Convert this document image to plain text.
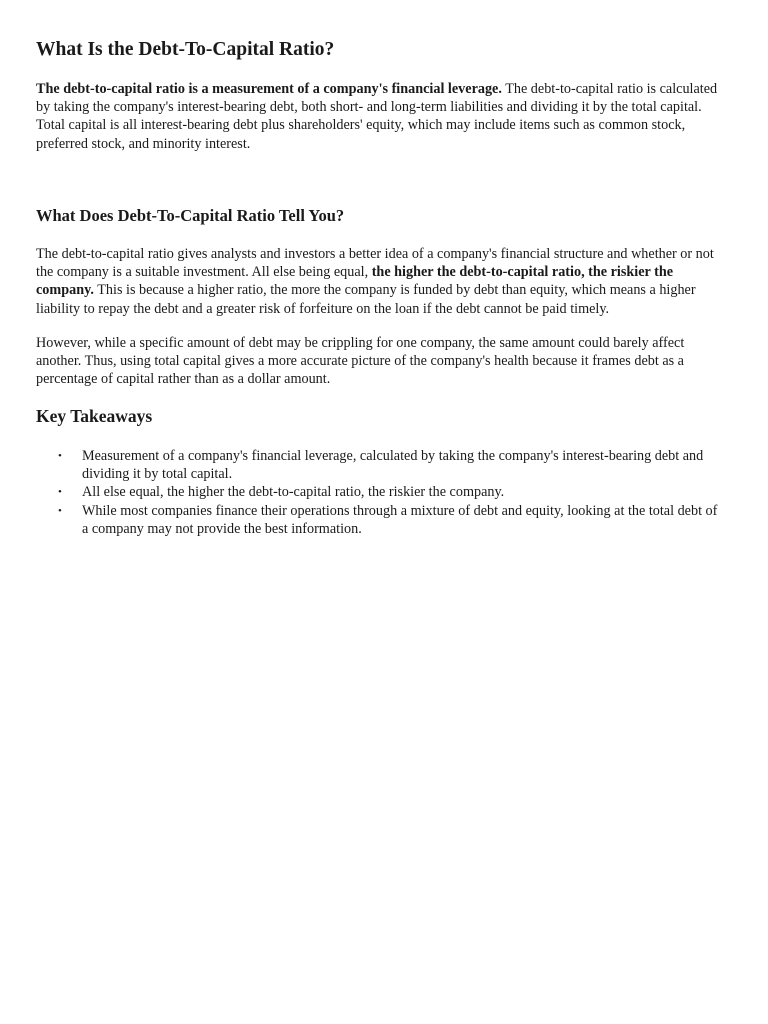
What Is the Debt-To-Capital Ratio?

The debt-to-capital ratio is a measurement of a company's financial leverage. The debt-to-capital ratio is calculated by taking the company's interest-bearing debt, both short- and long-term liabilities and dividing it by the total capital. Total capital is all interest-bearing debt plus shareholders' equity, which may include items such as common stock, preferred stock, and minority interest.

What Does Debt-To-Capital Ratio Tell You?

The debt-to-capital ratio gives analysts and investors a better idea of a company's financial structure and whether or not the company is a suitable investment. All else being equal, the higher the debt-to-capital ratio, the riskier the company. This is because a higher ratio, the more the company is funded by debt than equity, which means a higher liability to repay the debt and a greater risk of forfeiture on the loan if the debt cannot be paid timely.

However, while a specific amount of debt may be crippling for one company, the same amount could barely affect another. Thus, using total capital gives a more accurate picture of the company's health because it frames debt as a percentage of capital rather than as a dollar amount.

Key Takeaways
•	Measurement of a company's financial leverage, calculated by taking the company's interest-bearing debt and dividing it by total capital.
•	All else equal, the higher the debt-to-capital ratio, the riskier the company.
•	While most companies finance their operations through a mixture of debt and equity, looking at the total debt of a company may not provide the best information.
